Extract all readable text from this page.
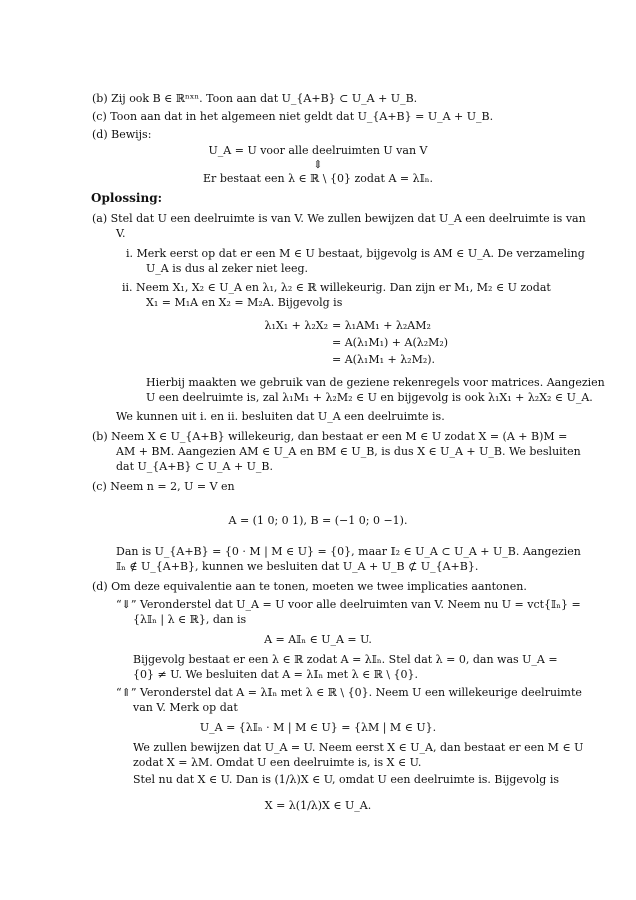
(b) Zij ook B ∈ ℝⁿˣⁿ. Toon aan dat U_{A+B} ⊂ U_A + U_B.
(c) Toon aan dat in het algemeen niet geldt dat U_{A+B} = U_A + U_B.
(d) Bewijs:
U_A = U voor alle deelruimten U van V
⇕
Er bestaat een λ ∈ ℝ \ {0} zodat A = λ𝕀ₙ.
Oplossing:
(a) Stel dat U een deelruimte is van V. We zullen bewijzen dat U_A een deelruimte is van
V.
i. Merk eerst op dat er een M ∈ U bestaat, bijgevolg is AM ∈ U_A. De verzameling
U_A is dus al zeker niet leeg.
ii. Neem X₁, X₂ ∈ U_A en λ₁, λ₂ ∈ ℝ willekeurig. Dan zijn er M₁, M₂ ∈ U zodat
X₁ = M₁A en X₂ = M₂A. Bijgevolg is
λ₁X₁ + λ₂X₂ = λ₁AM₁ + λ₂AM₂
= A(λ₁M₁) + A(λ₂M₂)
= A(λ₁M₁ + λ₂M₂).
Hierbij maakten we gebruik van de geziene rekenregels voor matrices. Aangezien
U een deelruimte is, zal λ₁M₁ + λ₂M₂ ∈ U en bijgevolg is ook λ₁X₁ + λ₂X₂ ∈ U_A.
We kunnen uit i. en ii. besluiten dat U_A een deelruimte is.
(b) Neem X ∈ U_{A+B} willekeurig, dan bestaat er een M ∈ U zodat X = (A + B)M =
AM + BM. Aangezien AM ∈ U_A en BM ∈ U_B, is dus X ∈ U_A + U_B. We besluiten
dat U_{A+B} ⊂ U_A + U_B.
(c) Neem n = 2, U = V en
A = (1 0; 0 1), B = (−1 0; 0 −1).
Dan is U_{A+B} = {0 · M | M ∈ U} = {0}, maar 𝕀₂ ∈ U_A ⊂ U_A + U_B. Aangezien
𝕀ₙ ∉ U_{A+B}, kunnen we besluiten dat U_A + U_B ⊄ U_{A+B}.
(d) Om deze equivalentie aan te tonen, moeten we twee implicaties aantonen.
“⇓” Veronderstel dat U_A = U voor alle deelruimten van V. Neem nu U = vct{𝕀ₙ} =
{λ𝕀ₙ | λ ∈ ℝ}, dan is
A = A𝕀ₙ ∈ U_A = U.
Bijgevolg bestaat er een λ ∈ ℝ zodat A = λ𝕀ₙ. Stel dat λ = 0, dan was U_A =
{0} ≠ U. We besluiten dat A = λ𝕀ₙ met λ ∈ ℝ \ {0}.
“⇑” Veronderstel dat A = λ𝕀ₙ met λ ∈ ℝ \ {0}. Neem U een willekeurige deelruimte
van V. Merk op dat
U_A = {λ𝕀ₙ · M | M ∈ U} = {λM | M ∈ U}.
We zullen bewijzen dat U_A = U. Neem eerst X ∈ U_A, dan bestaat er een M ∈ U
zodat X = λM. Omdat U een deelruimte is, is X ∈ U.
Stel nu dat X ∈ U. Dan is (1/λ)X ∈ U, omdat U een deelruimte is. Bijgevolg is
X = λ(1/λ)X ∈ U_A.
